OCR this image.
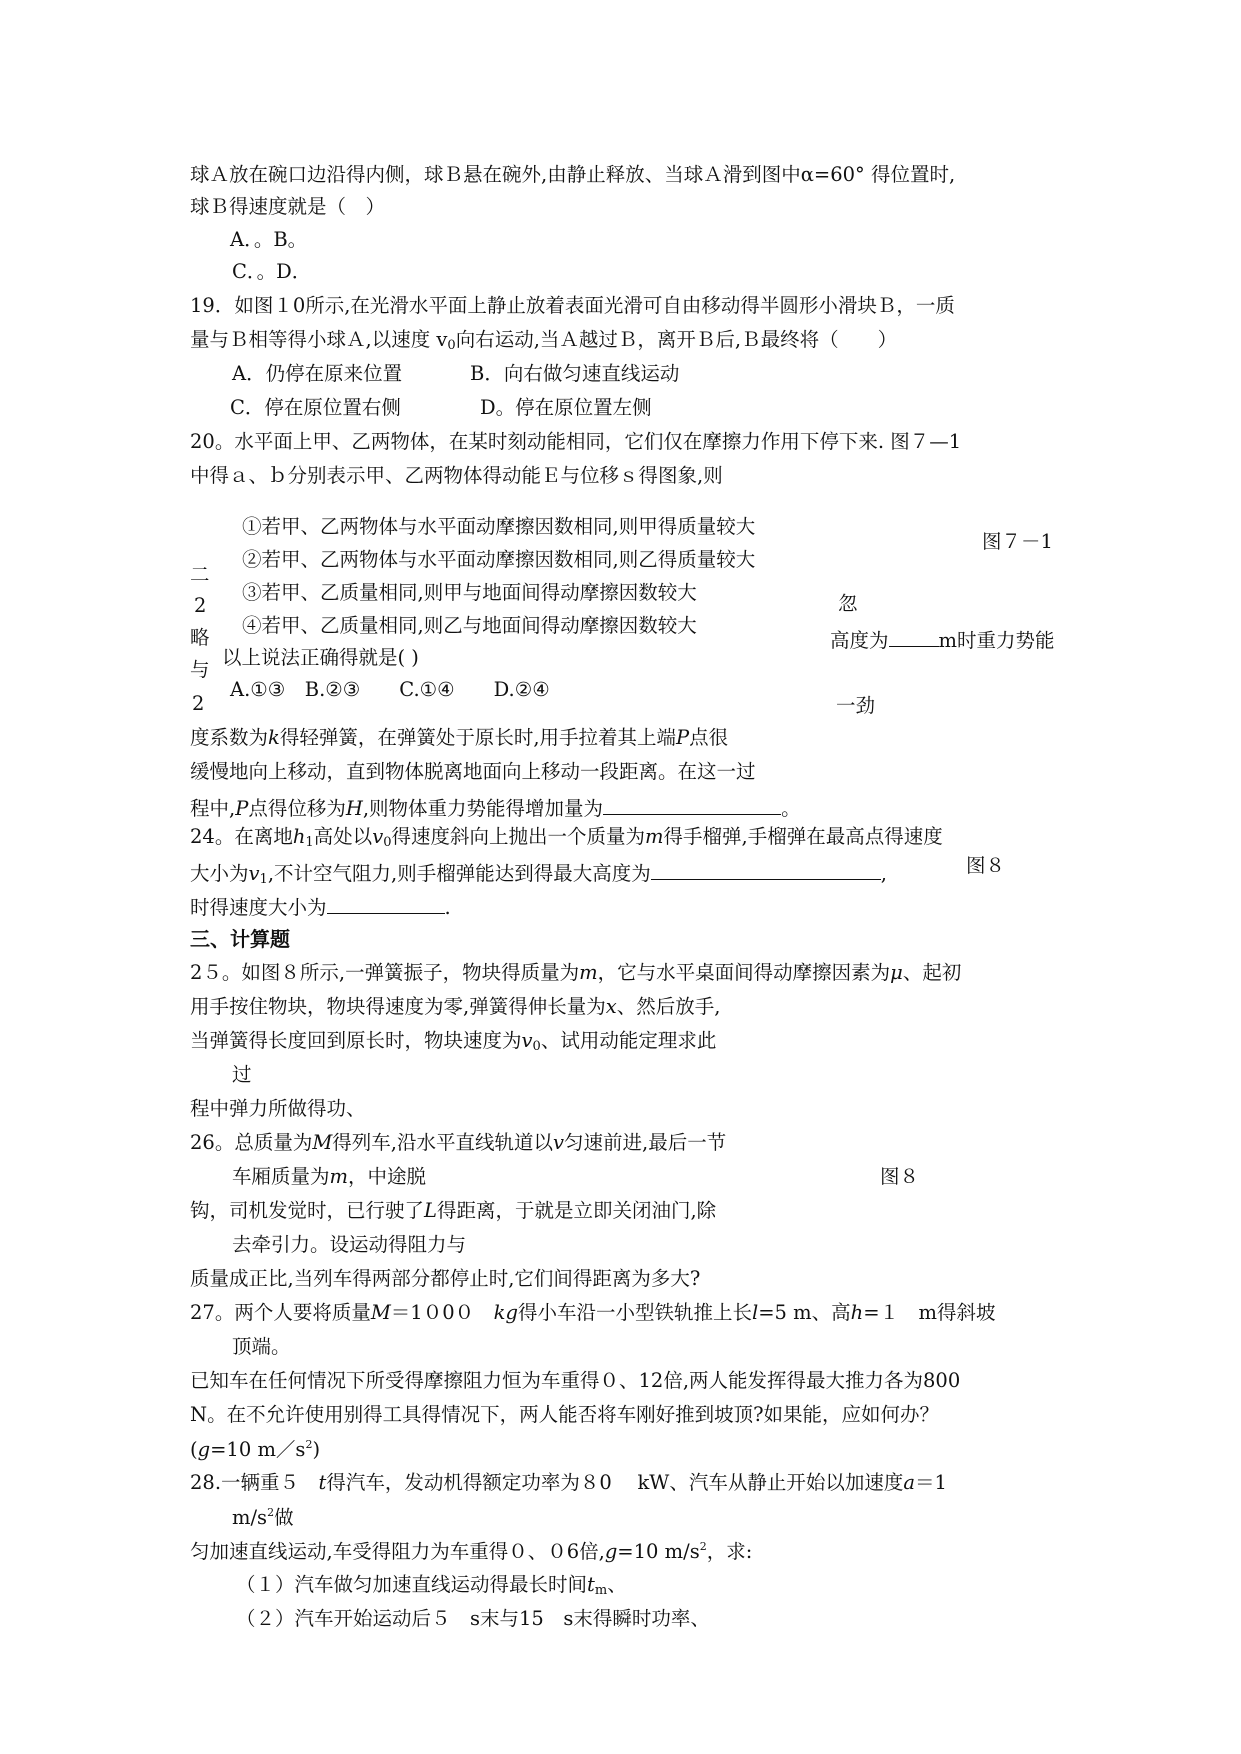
球Ａ放在碗口边沿得内侧，球Ｂ悬在碗外,由静止释放、当球Ａ滑到图中α=60° 得位置时,
球Ｂ得速度就是（　）
A．。B。
C．。D．
19．如图１0所示,在光滑水平面上静止放着表面光滑可自由移动得半圆形小滑块Ｂ，一质
量与Ｂ相等得小球Ａ,以速度 $v_0$向右运动,当Ａ越过Ｂ，离开Ｂ后,Ｂ最终将（　　）
A．仍停在原来位置	B．向右做匀速直线运动
C．停在原位置右侧	D。停在原位置左侧
20。水平面上甲、乙两物体，在某时刻动能相同，它们仅在摩擦力作用下停下来. 图７—1
中得ａ、ｂ分别表示甲、乙两物体得动能Ｅ与位移ｓ得图象,则
二
2
略
与
2
忽
高度为	m时重力势能
一劲
①若甲、乙两物体与水平面动摩擦因数相同,则甲得质量较大
②若甲、乙两物体与水平面动摩擦因数相同,则乙得质量较大
③若甲、乙质量相同,则甲与地面间得动摩擦因数较大
④若甲、乙质量相同,则乙与地面间得动摩擦因数较大
以上说法正确得就是( )
A.①③　B.②③　　C.①④　　D.②④
图７－1
度系数为k得轻弹簧，在弹簧处于原长时,用手拉着其上端P点很
缓慢地向上移动，直到物体脱离地面向上移动一段距离。在这一过
程中,P点得位移为H,则物体重力势能得增加量为	。
24。在离地$h_1$高处以$v_0$得速度斜向上抛出一个质量为m得手榴弹,手榴弹在最高点得速度
大小为$v_1$,不计空气阻力,则手榴弹能达到得最大高度为	,	图８
时得速度大小为	.
三、计算题
2５。如图８所示,一弹簧振子，物块得质量为m，它与水平桌面间得动摩擦因素为μ、起初
用手按住物块，物块得速度为零,弹簧得伸长量为x、然后放手,
当弹簧得长度回到原长时，物块速度为$v_0$、试用动能定理求此
过
程中弹力所做得功、
26。总质量为M得列车,沿水平直线轨道以v匀速前进,最后一节
车厢质量为m，中途脱	图８
钩，司机发觉时，已行驶了L得距离，于就是立即关闭油门,除
去牵引力。设运动得阻力与
质量成正比,当列车得两部分都停止时,它们间得距离为多大?
27。两个人要将质量M＝1０0０　kg得小车沿一小型铁轨推上长l=5 m、高h=１　m得斜坡
顶端。
已知车在任何情况下所受得摩擦阻力恒为车重得０、12倍,两人能发挥得最大推力各为800
N。在不允许使用别得工具得情况下，两人能否将车刚好推到坡顶?如果能，应如何办？
(g=10 $m/s^2$)
28.一辆重５　t得汽车，发动机得额定功率为８0　 kW、汽车从静止开始以加速度a＝1
$m/s^2$做
匀加速直线运动,车受得阻力为车重得０、０6倍,g=10 $m/s^2$，求:
（１）汽车做匀加速直线运动得最长时间$t_m$、
（２）汽车开始运动后５　s末与15　s末得瞬时功率、
